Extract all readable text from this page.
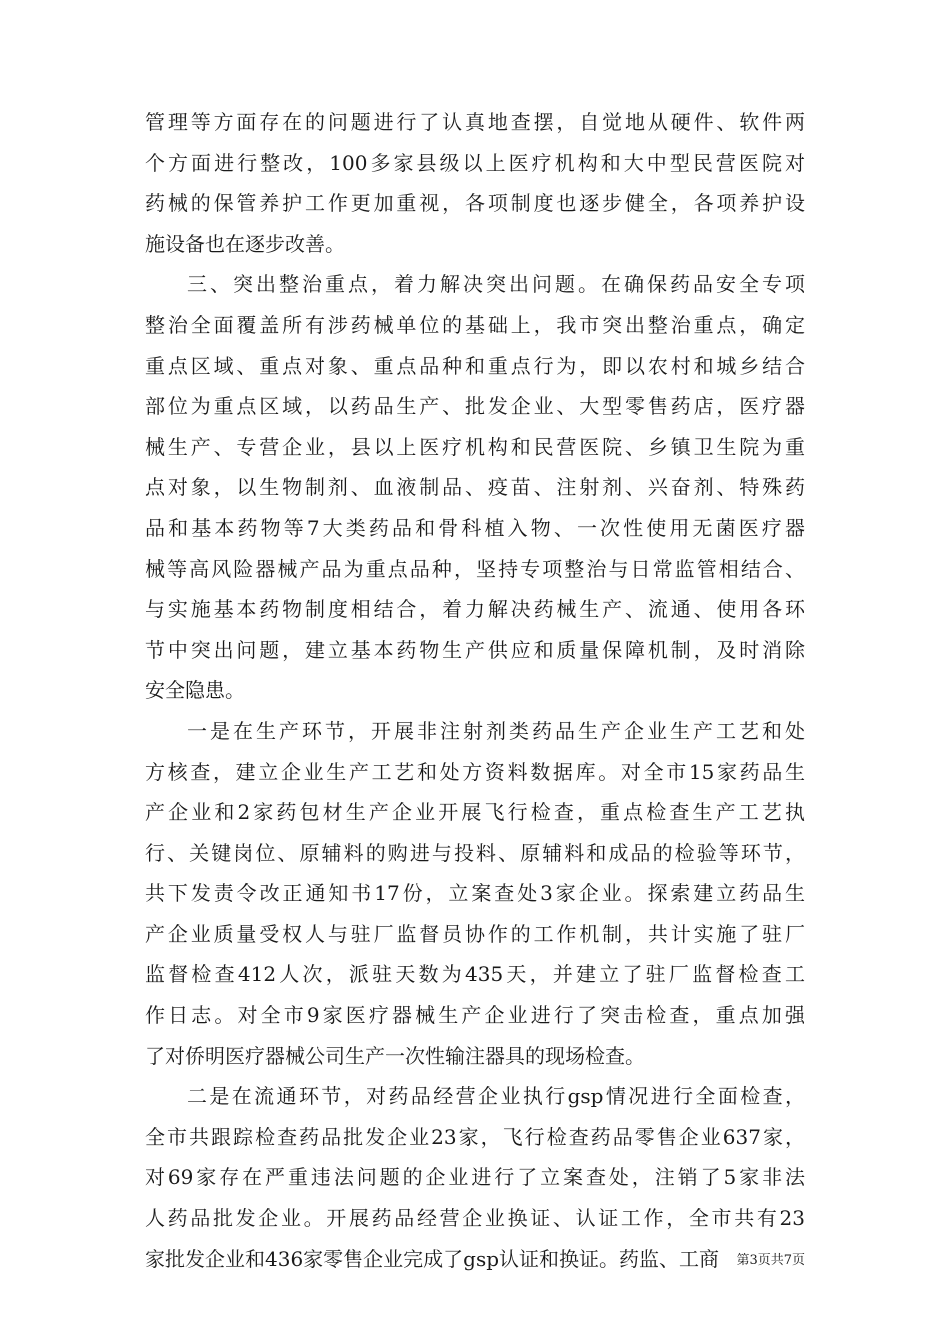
管理等方面存在的问题进行了认真地查摆，自觉地从硬件、软件两
个方面进行整改，100多家县级以上医疗机构和大中型民营医院对
药械的保管养护工作更加重视，各项制度也逐步健全，各项养护设
施设备也在逐步改善。
三、突出整治重点，着力解决突出问题。在确保药品安全专项
整治全面覆盖所有涉药械单位的基础上，我市突出整治重点，确定
重点区域、重点对象、重点品种和重点行为，即以农村和城乡结合
部位为重点区域，以药品生产、批发企业、大型零售药店，医疗器
械生产、专营企业，县以上医疗机构和民营医院、乡镇卫生院为重
点对象，以生物制剂、血液制品、疫苗、注射剂、兴奋剂、特殊药
品和基本药物等7大类药品和骨科植入物、一次性使用无菌医疗器
械等高风险器械产品为重点品种，坚持专项整治与日常监管相结合、
与实施基本药物制度相结合，着力解决药械生产、流通、使用各环
节中突出问题，建立基本药物生产供应和质量保障机制，及时消除
安全隐患。
一是在生产环节，开展非注射剂类药品生产企业生产工艺和处
方核查，建立企业生产工艺和处方资料数据库。对全市15家药品生
产企业和2家药包材生产企业开展飞行检查，重点检查生产工艺执
行、关键岗位、原辅料的购进与投料、原辅料和成品的检验等环节，
共下发责令改正通知书17份，立案查处3家企业。探索建立药品生
产企业质量受权人与驻厂监督员协作的工作机制，共计实施了驻厂
监督检查412人次，派驻天数为435天，并建立了驻厂监督检查工
作日志。对全市9家医疗器械生产企业进行了突击检查，重点加强
了对侨明医疗器械公司生产一次性输注器具的现场检查。
二是在流通环节，对药品经营企业执行gsp情况进行全面检查，
全市共跟踪检查药品批发企业23家，飞行检查药品零售企业637家，
对69家存在严重违法问题的企业进行了立案查处，注销了5家非法
人药品批发企业。开展药品经营企业换证、认证工作，全市共有23
家批发企业和436家零售企业完成了gsp认证和换证。药监、工商	第3页共7页
